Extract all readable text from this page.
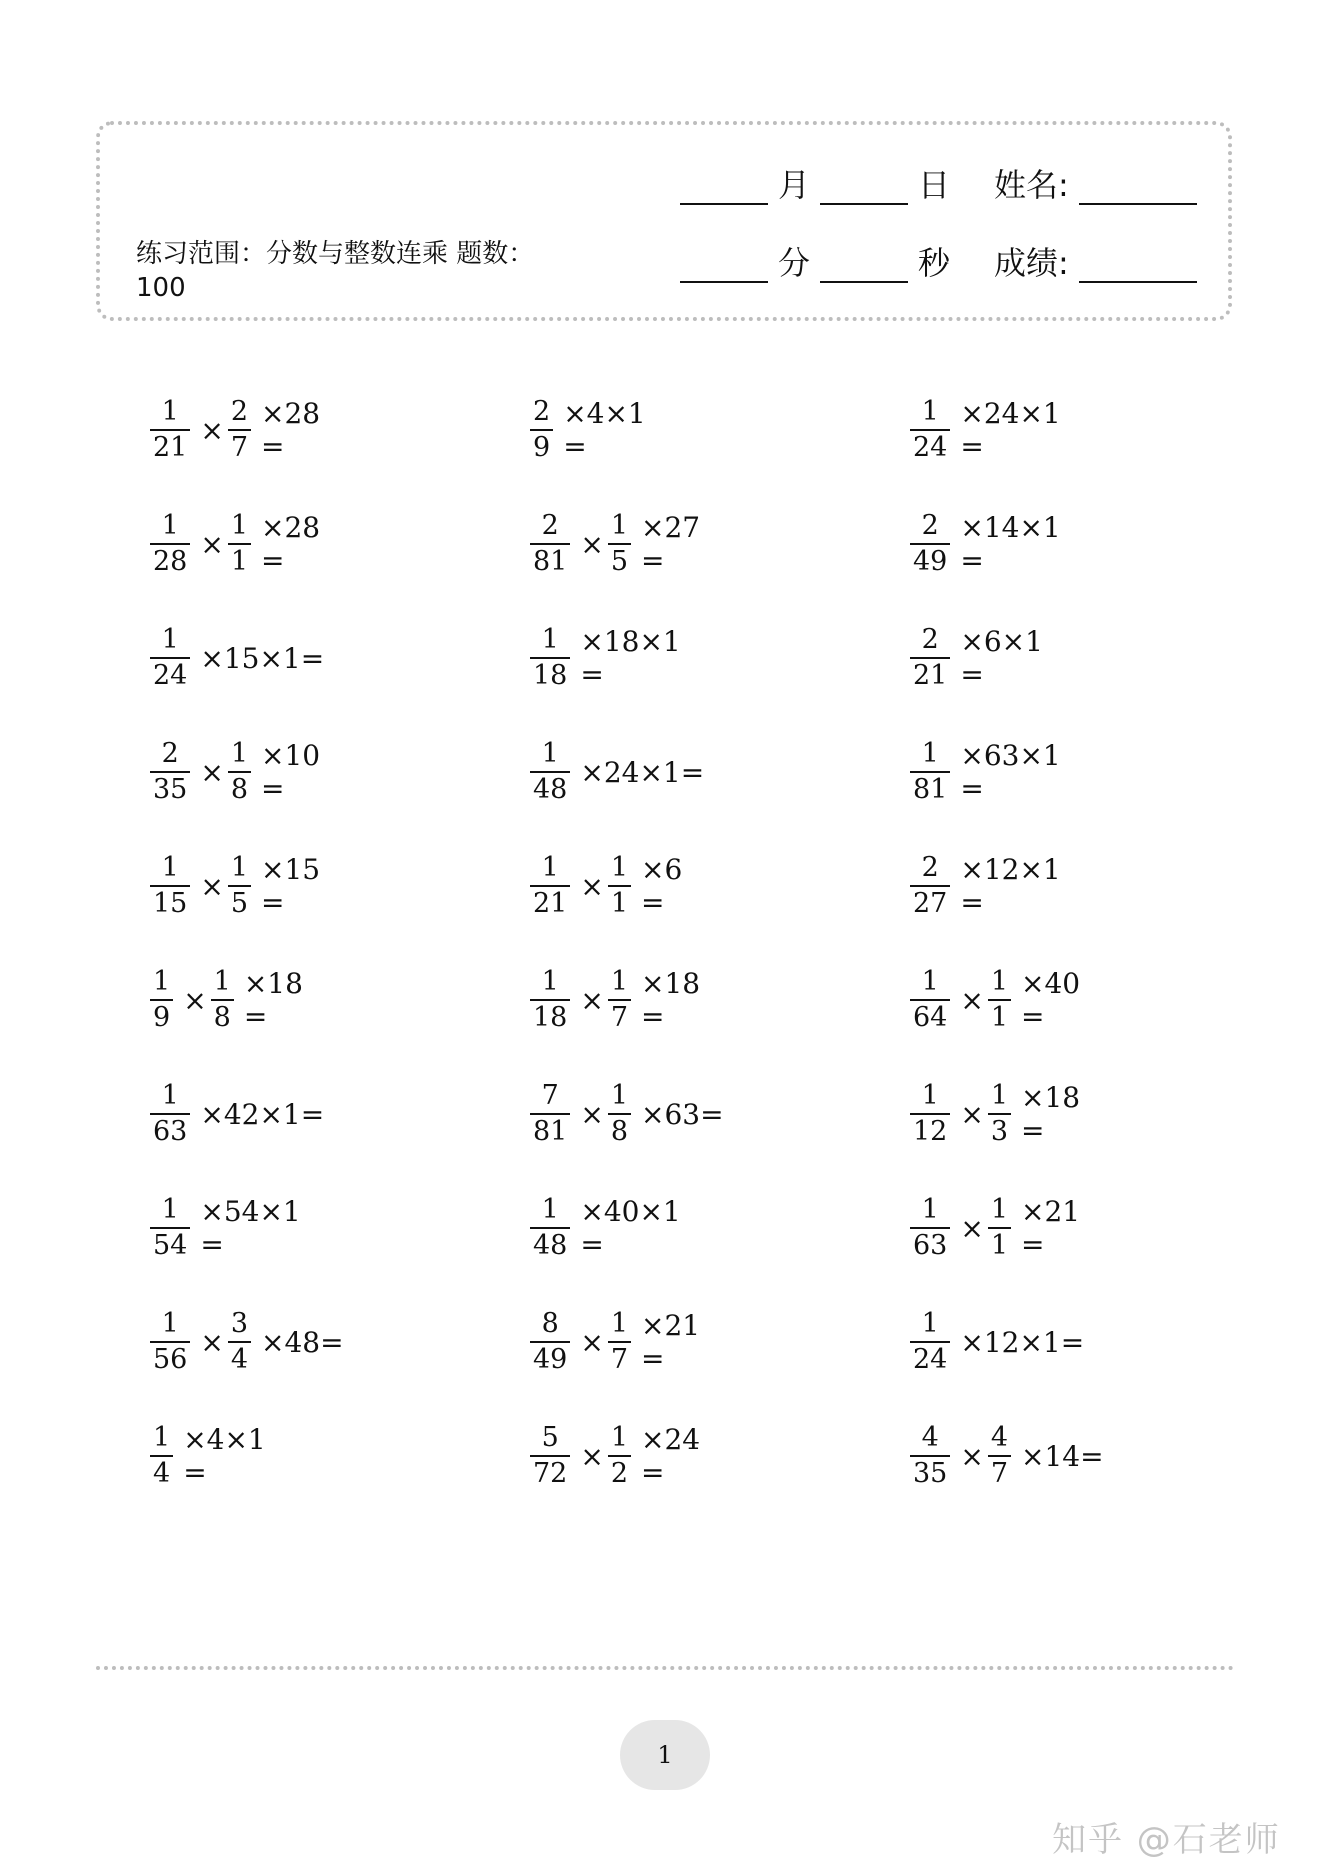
练习范围：分数与整数连乘 题数：100
月	日 姓名:
分	秒 成绩:
$\frac{1}{21} \times \frac{2}{7} \times 28$ =
$\frac{1}{28} \times \frac{1}{1} \times 28$ =
$\frac{1}{24} \times 15\times 1=$
$\frac{2}{35} \times \frac{1}{8} \times 10$ =
$\frac{1}{15} \times \frac{1}{5} \times 15$ =
$\frac{1}{9} \times \frac{1}{8} \times 18$ =
$\frac{1}{63} \times 42\times 1=$
$\frac{1}{54} \times 54\times 1$ =
$\frac{1}{56} \times \frac{3}{4} \times 48=$
$\frac{1}{4} \times 4\times 1$ =
$\frac{2}{9} \times 4\times 1$ =
$\frac{2}{81} \times \frac{1}{5} \times 27$ =
$\frac{1}{18} \times 18\times 1$ =
$\frac{1}{48} \times 24\times 1=$
$\frac{1}{21} \times \frac{1}{1} \times 6$ =
$\frac{1}{18} \times \frac{1}{7} \times 18$ =
$\frac{7}{81} \times \frac{1}{8} \times 63=$
$\frac{1}{48} \times 40\times 1$ =
$\frac{8}{49} \times \frac{1}{7} \times 21$ =
$\frac{5}{72} \times \frac{1}{2} \times 24$ =
$\frac{1}{24} \times 24\times 1$ =
$\frac{2}{49} \times 14\times 1$ =
$\frac{2}{21} \times 6\times 1$ =
$\frac{1}{81} \times 63\times 1$ =
$\frac{2}{27} \times 12\times 1$ =
$\frac{1}{64} \times \frac{1}{1} \times 40$ =
$\frac{1}{12} \times \frac{1}{3} \times 18$ =
$\frac{1}{63} \times \frac{1}{1} \times 21$ =
$\frac{1}{24} \times 12\times 1=$
$\frac{4}{35} \times \frac{4}{7} \times 14=$
1
知乎 @石老师
